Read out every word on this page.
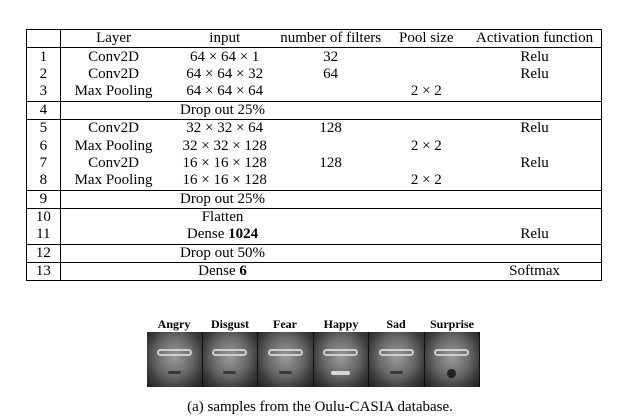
	Layer	input	number of filters	Pool size	Activation function
1	Conv2D	64 × 64 × 1	32		Relu
2	Conv2D	64 × 64 × 32	64		Relu
3	Max Pooling	64 × 64 × 64		2 × 2	
4	Drop out 25%				
5	Conv2D	32 × 32 × 64	128		Relu
6	Max Pooling	32 × 32 × 128		2 × 2	
7	Conv2D	16 × 16 × 128	128		Relu
8	Max Pooling	16 × 16 × 128		2 × 2	
9	Drop out 25%				
10	Flatten				
11	Dense 1024				Relu
12	Drop out 50%				
13	Dense 6				Softmax
Angry Disgust Fear Happy Sad Surprise
(a) samples from the Oulu-CASIA database.
